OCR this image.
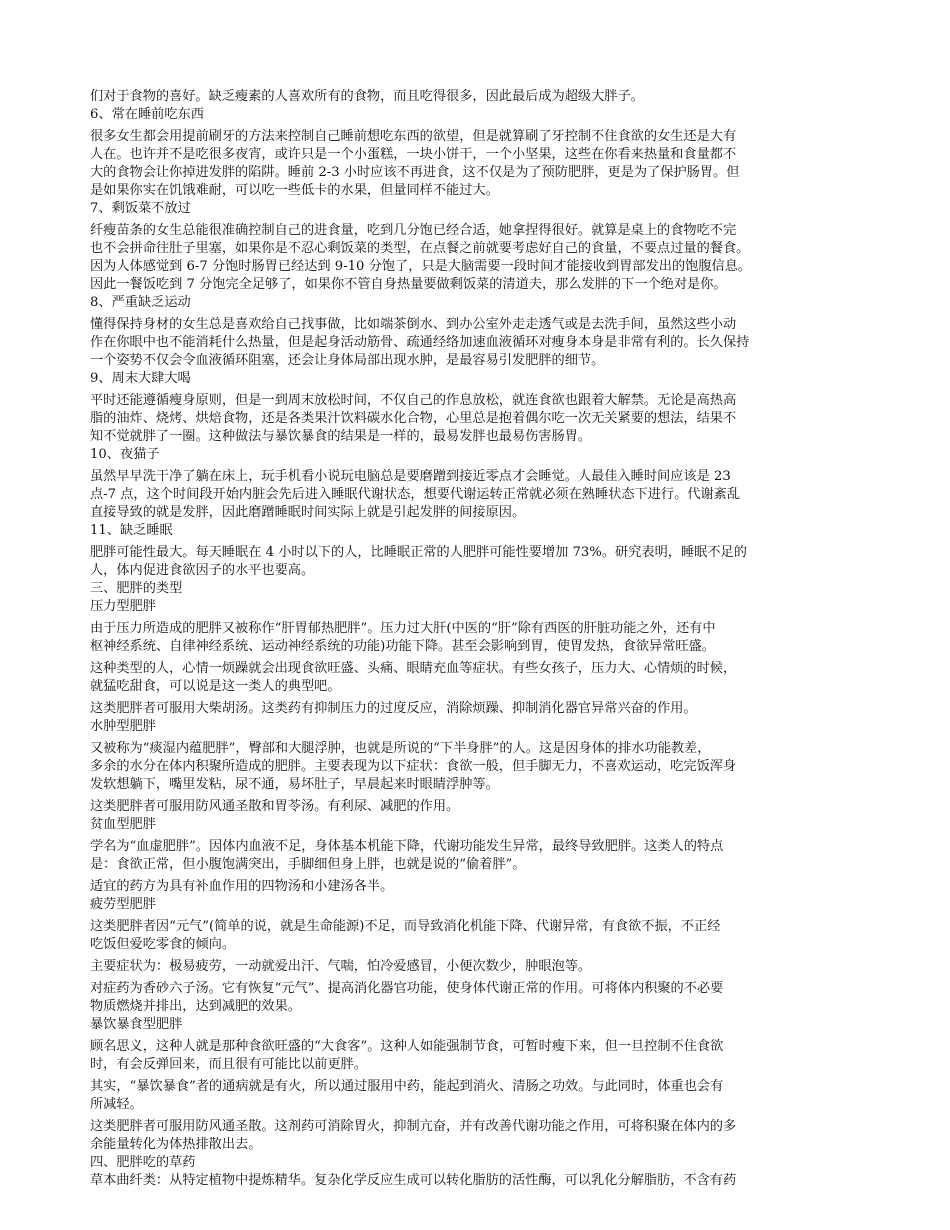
们对于食物的喜好。缺乏瘦素的人喜欢所有的食物，而且吃得很多，因此最后成为超级大胖子。
6、常在睡前吃东西
很多女生都会用提前刷牙的方法来控制自己睡前想吃东西的欲望，但是就算刷了牙控制不住食欲的女生还是大有
人在。也许并不是吃很多夜宵，或许只是一个小蛋糕，一块小饼干，一个小坚果，这些在你看来热量和食量都不
大的食物会让你掉进发胖的陷阱。睡前 2-3 小时应该不再进食，这不仅是为了预防肥胖，更是为了保护肠胃。但
是如果你实在饥饿难耐，可以吃一些低卡的水果，但量同样不能过大。
7、剩饭菜不放过
纤瘦苗条的女生总能很准确控制自己的进食量，吃到几分饱已经合适，她拿捏得很好。就算是桌上的食物吃不完
也不会拼命往肚子里塞，如果你是不忍心剩饭菜的类型，在点餐之前就要考虑好自己的食量，不要点过量的餐食。
因为人体感觉到 6-7 分饱时肠胃已经达到 9-10 分饱了，只是大脑需要一段时间才能接收到胃部发出的饱腹信息。
因此一餐饭吃到 7 分饱完全足够了，如果你不管自身热量要做剩饭菜的清道夫，那么发胖的下一个绝对是你。
8、严重缺乏运动
懂得保持身材的女生总是喜欢给自己找事做，比如端茶倒水、到办公室外走走透气或是去洗手间，虽然这些小动
作在你眼中也不能消耗什么热量，但是起身活动筋骨、疏通经络加速血液循环对瘦身本身是非常有利的。长久保持
一个姿势不仅会令血液循环阻塞，还会让身体局部出现水肿，是最容易引发肥胖的细节。
9、周末大肆大喝
平时还能遵循瘦身原则，但是一到周末放松时间，不仅自己的作息放松，就连食欲也跟着大解禁。无论是高热高
脂的油炸、烧烤、烘焙食物，还是各类果汁饮料碳水化合物，心里总是抱着偶尔吃一次无关紧要的想法，结果不
知不觉就胖了一圈。这种做法与暴饮暴食的结果是一样的，最易发胖也最易伤害肠胃。
10、夜猫子
虽然早早洗干净了躺在床上，玩手机看小说玩电脑总是要磨蹭到接近零点才会睡觉。人最佳入睡时间应该是 23
点-7 点，这个时间段开始内脏会先后进入睡眠代谢状态，想要代谢运转正常就必须在熟睡状态下进行。代谢紊乱
直接导致的就是发胖，因此磨蹭睡眠时间实际上就是引起发胖的间接原因。
11、缺乏睡眠
肥胖可能性最大。每天睡眠在 4 小时以下的人，比睡眠正常的人肥胖可能性要增加 73%。研究表明，睡眠不足的
人，体内促进食欲因子的水平也要高。
三、肥胖的类型
压力型肥胖
由于压力所造成的肥胖又被称作“肝胃郁热肥胖”。压力过大肝(中医的“肝”除有西医的肝脏功能之外，还有中
枢神经系统、自律神经系统、运动神经系统的功能)功能下降。甚至会影响到胃，使胃发热，食欲异常旺盛。
这种类型的人，心情一烦躁就会出现食欲旺盛、头痛、眼睛充血等症状。有些女孩子，压力大、心情烦的时候，
就猛吃甜食，可以说是这一类人的典型吧。
这类肥胖者可服用大柴胡汤。这类药有抑制压力的过度反应，消除烦躁、抑制消化器官异常兴奋的作用。
水肿型肥胖
又被称为“痰湿内蕴肥胖”，臀部和大腿浮肿，也就是所说的“下半身胖”的人。这是因身体的排水功能教差，
多余的水分在体内积聚所造成的肥胖。主要表现为以下症状：食欲一般，但手脚无力，不喜欢运动，吃完饭浑身
发软想躺下，嘴里发粘，尿不通，易坏肚子，早晨起来时眼睛浮肿等。
这类肥胖者可服用防风通圣散和胃苓汤。有利尿、减肥的作用。
贫血型肥胖
学名为“血虚肥胖”。因体内血液不足，身体基本机能下降，代谢功能发生异常，最终导致肥胖。这类人的特点
是：食欲正常，但小腹饱满突出，手脚细但身上胖，也就是说的“偷着胖”。
适宜的药方为具有补血作用的四物汤和小建汤各半。
疲劳型肥胖
这类肥胖者因“元气”(简单的说，就是生命能源)不足，而导致消化机能下降、代谢异常，有食欲不振，不正经
吃饭但爱吃零食的倾向。
主要症状为：极易疲劳，一动就爱出汗、气喘，怕冷爱感冒，小便次数少，肿眼泡等。
对症药为香砂六子汤。它有恢复“元气”、提高消化器官功能，使身体代谢正常的作用。可将体内积聚的不必要
物质燃烧并排出，达到减肥的效果。
暴饮暴食型肥胖
顾名思义，这种人就是那种食欲旺盛的“大食客”。这种人如能强制节食，可暂时瘦下来，但一旦控制不住食欲
时，有会反弹回来，而且很有可能比以前更胖。
其实，“暴饮暴食”者的通病就是有火，所以通过服用中药，能起到消火、清肠之功效。与此同时，体重也会有
所减轻。
这类肥胖者可服用防风通圣散。这剂药可消除胃火，抑制亢奋，并有改善代谢功能之作用，可将积聚在体内的多
余能量转化为体热排散出去。
四、肥胖吃的草药
草本曲纤类：从特定植物中提炼精华。复杂化学反应生成可以转化脂肪的活性酶，可以乳化分解脂肪，不含有药
